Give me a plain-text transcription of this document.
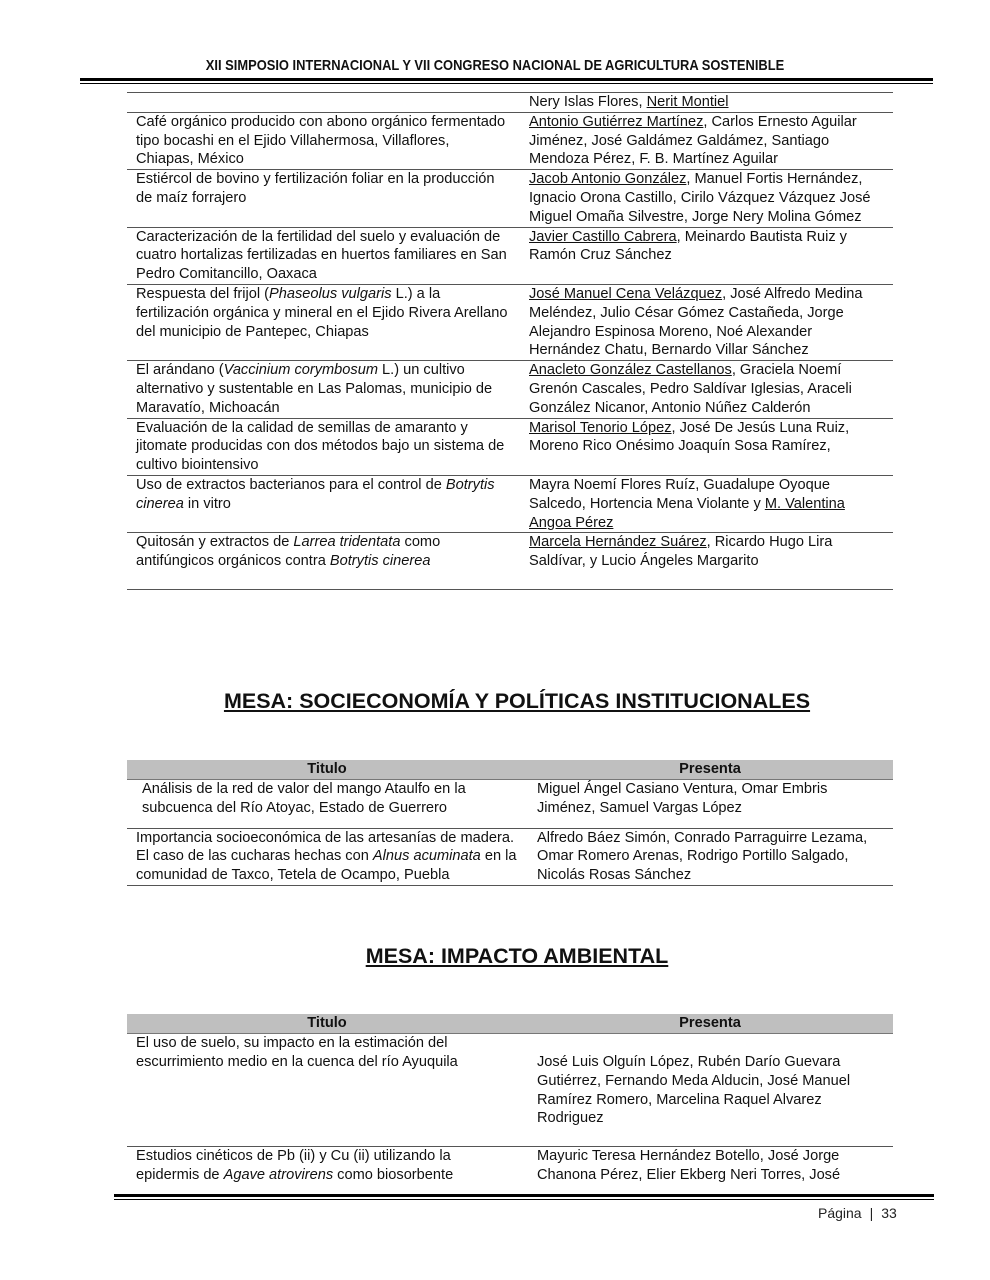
XII SIMPOSIO INTERNACIONAL Y VII CONGRESO NACIONAL DE AGRICULTURA SOSTENIBLE
	Nery Islas Flores, Nerit Montiel
Café orgánico producido con abono orgánico fermentado tipo bocashi en el Ejido Villahermosa, Villaflores, Chiapas, México	Antonio Gutiérrez Martínez, Carlos Ernesto Aguilar Jiménez, José Galdámez Galdámez, Santiago Mendoza Pérez, F. B. Martínez Aguilar
Estiércol de bovino y fertilización foliar en la producción de maíz forrajero	Jacob Antonio González, Manuel Fortis Hernández, Ignacio Orona Castillo, Cirilo Vázquez Vázquez José Miguel Omaña Silvestre, Jorge Nery Molina Gómez
Caracterización de la fertilidad del suelo y evaluación de cuatro hortalizas fertilizadas en huertos familiares en San Pedro Comitancillo, Oaxaca	Javier Castillo Cabrera, Meinardo Bautista Ruiz y Ramón Cruz Sánchez
Respuesta del frijol (Phaseolus vulgaris L.) a la fertilización orgánica y mineral en el Ejido Rivera Arellano del municipio de Pantepec, Chiapas	José Manuel Cena Velázquez, José Alfredo Medina Meléndez, Julio César Gómez Castañeda, Jorge Alejandro Espinosa Moreno, Noé Alexander Hernández Chatu, Bernardo Villar Sánchez
El arándano (Vaccinium corymbosum L.) un cultivo alternativo y sustentable en Las Palomas, municipio de Maravatío, Michoacán	Anacleto González Castellanos, Graciela Noemí Grenón Cascales, Pedro Saldívar Iglesias, Araceli González Nicanor, Antonio Núñez Calderón
Evaluación de la calidad de semillas de amaranto y jitomate producidas con dos métodos bajo un sistema de cultivo biointensivo	Marisol Tenorio López, José De Jesús Luna Ruiz, Moreno Rico Onésimo Joaquín Sosa Ramírez,
Uso de extractos bacterianos para el control de Botrytis cinerea in vitro	Mayra Noemí Flores Ruíz, Guadalupe Oyoque Salcedo, Hortencia Mena Violante y M. Valentina Angoa Pérez
Quitosán y extractos de Larrea tridentata como antifúngicos orgánicos contra Botrytis cinerea	Marcela Hernández Suárez, Ricardo Hugo Lira Saldívar, y Lucio Ángeles Margarito
MESA: SOCIECONOMÍA Y POLÍTICAS INSTITUCIONALES
Titulo	Presenta
Análisis de la red de valor del mango Ataulfo en la subcuenca del Río Atoyac, Estado de Guerrero	Miguel Ángel Casiano Ventura, Omar Embris Jiménez, Samuel Vargas López
Importancia socioeconómica de las artesanías de madera. El caso de las cucharas hechas con Alnus acuminata en la comunidad de Taxco, Tetela de Ocampo, Puebla	Alfredo Báez Simón, Conrado Parraguirre Lezama, Omar Romero Arenas, Rodrigo Portillo Salgado, Nicolás Rosas Sánchez
MESA: IMPACTO AMBIENTAL
Titulo	Presenta
El uso de suelo, su impacto en la estimación del escurrimiento medio en la cuenca del río Ayuquila	José Luis Olguín López, Rubén Darío Guevara Gutiérrez, Fernando Meda Alducin, José Manuel Ramírez Romero, Marcelina Raquel Alvarez Rodriguez
Estudios cinéticos de Pb (ii) y Cu (ii) utilizando la epidermis de Agave atrovirens como biosorbente	Mayuric Teresa Hernández Botello, José Jorge Chanona Pérez, Elier Ekberg Neri Torres, José
Página | 33
